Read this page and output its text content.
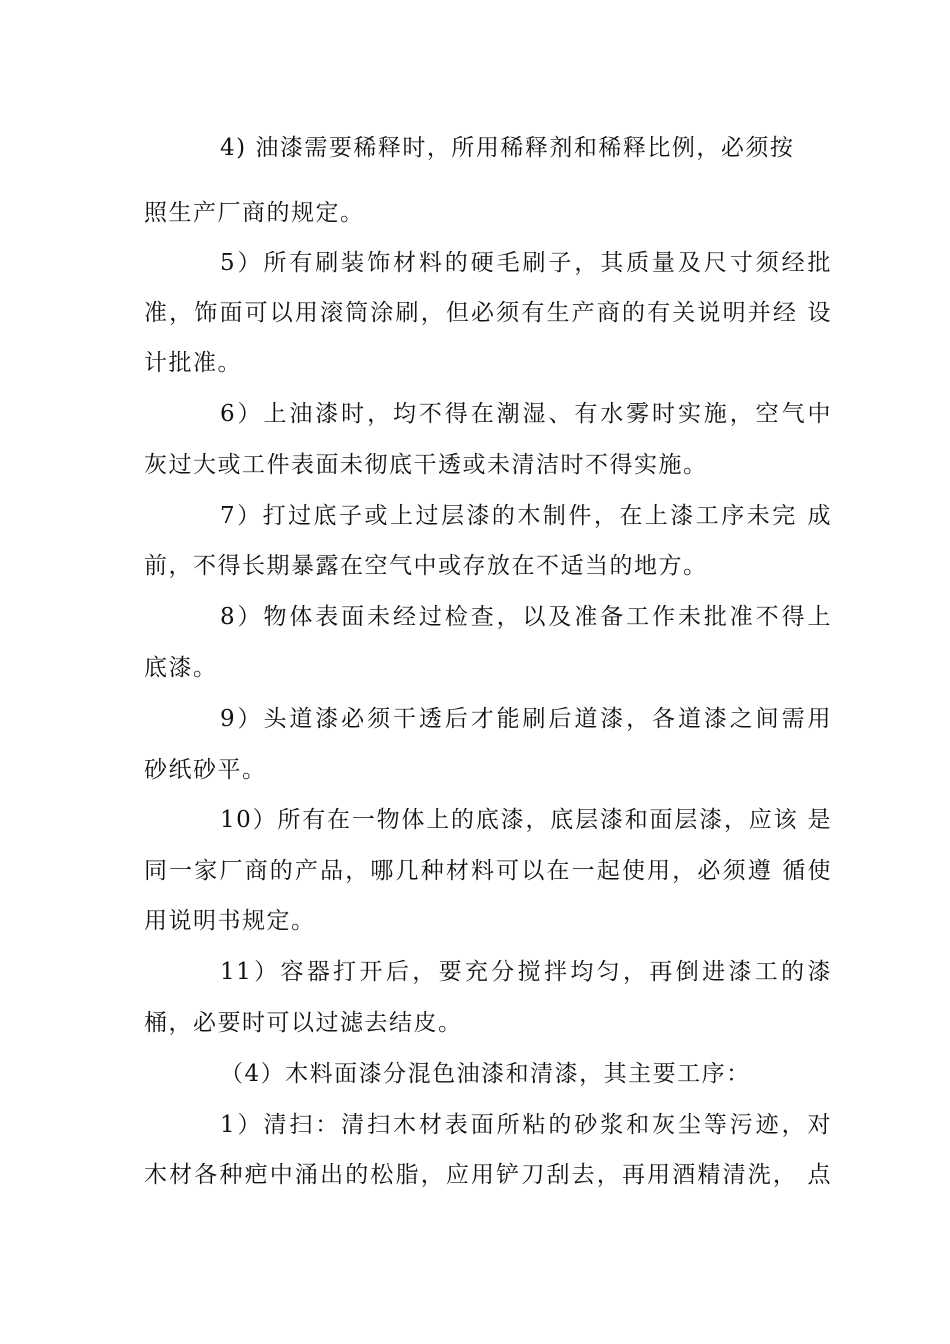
4) 油漆需要稀释时，所用稀释剂和稀释比例，必须按
照生产厂商的规定。
5）所有刷装饰材料的硬毛刷子，其质量及尺寸须经批
准，饰面可以用滚筒涂刷，但必须有生产商的有关说明并经 设
计批准。
6）上油漆时，均不得在潮湿、有水雾时实施，空气中
灰过大或工件表面未彻底干透或未清洁时不得实施。
7）打过底子或上过层漆的木制件，在上漆工序未完 成
前，不得长期暴露在空气中或存放在不适当的地方。
8）物体表面未经过检查，以及准备工作未批准不得上
底漆。
9）头道漆必须干透后才能刷后道漆，各道漆之间需用
砂纸砂平。
10）所有在一物体上的底漆，底层漆和面层漆，应该 是
同一家厂商的产品，哪几种材料可以在一起使用，必须遵 循使
用说明书规定。
11）容器打开后，要充分搅拌均匀，再倒进漆工的漆
桶，必要时可以过滤去结皮。
（4）木料面漆分混色油漆和清漆，其主要工序：
1）清扫：清扫木材表面所粘的砂浆和灰尘等污迹，对
木材各种疤中涌出的松脂，应用铲刀刮去，再用酒精清洗， 点
